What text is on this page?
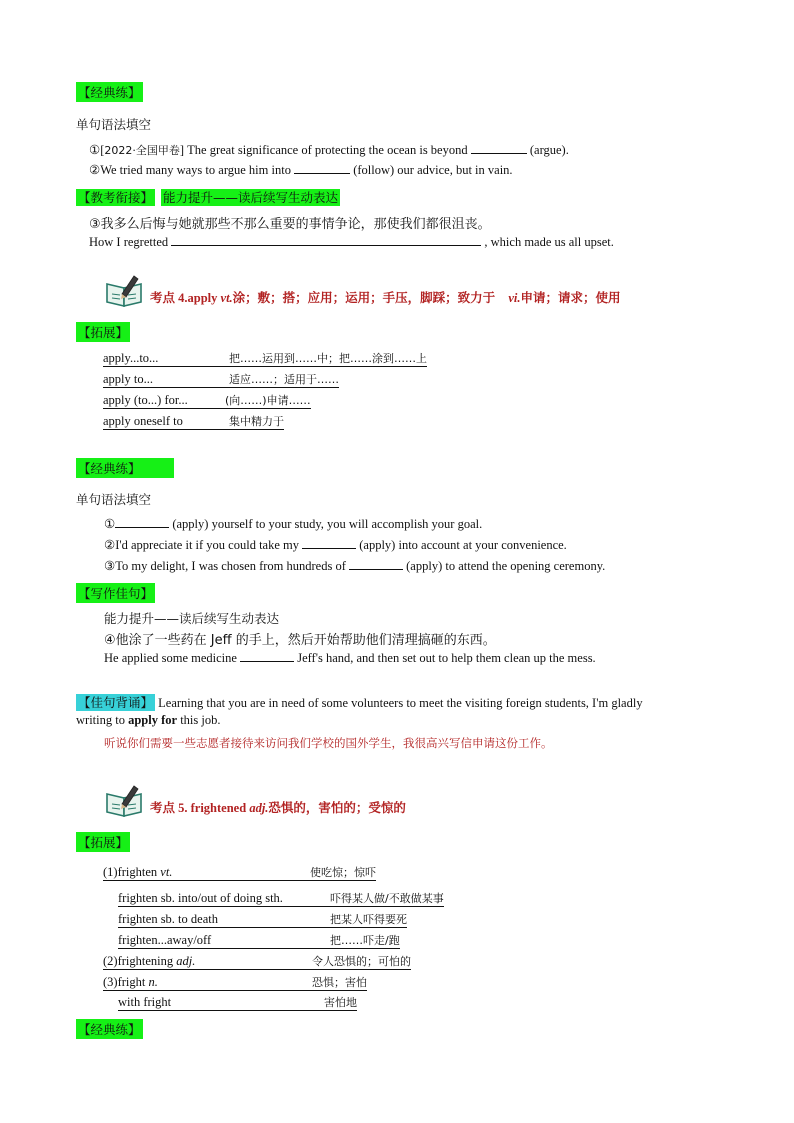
【经典练】
单句语法填空
①[2022·全国甲卷] The great significance of protecting the ocean is beyond	(argue).
②We tried many ways to argue him into	(follow) our advice, but in vain.
【教考衔接】 能力提升——读后续写生动表达
③我多么后悔与她就那些不那么重要的事情争论，那使我们都很沮丧。
How I regretted	, which made us all upset.
考点 4.apply vt.涂；敷；搭；应用；运用；手压，脚踩；致力于 vi.申请；请求；使用
【拓展】
apply...to...	把……运用到……中；把……涂到……上
apply to...	适应……；适用于……
apply (to...) for...	(向……)申请……
apply oneself to	集中精力于
【经典练】
单句语法填空
①	(apply) yourself to your study, you will accomplish your goal.
②I'd appreciate it if you could take my	(apply) into account at your convenience.
③To my delight, I was chosen from hundreds of	(apply) to attend the opening ceremony.
【写作佳句】
能力提升——读后续写生动表达
④他涂了一些药在 Jeff 的手上，然后开始帮助他们清理搞砸的东西。
He applied some medicine	Jeff's hand, and then set out to help them clean up the mess.
【佳句背诵】 Learning that you are in need of some volunteers to meet the visiting foreign students, I'm gladly
writing to apply for this job.
听说你们需要一些志愿者接待来访问我们学校的国外学生，我很高兴写信申请这份工作。
考点 5. frightened adj.恐惧的，害怕的；受惊的
【拓展】
(1)frighten vt.	使吃惊；惊吓
frighten sb. into/out of doing sth.	吓得某人做/不敢做某事
frighten sb. to death	把某人吓得要死
frighten...away/off	把……吓走/跑
(2)frightening adj.	令人恐惧的；可怕的
(3)fright n.	恐惧；害怕
with fright	害怕地
【经典练】
